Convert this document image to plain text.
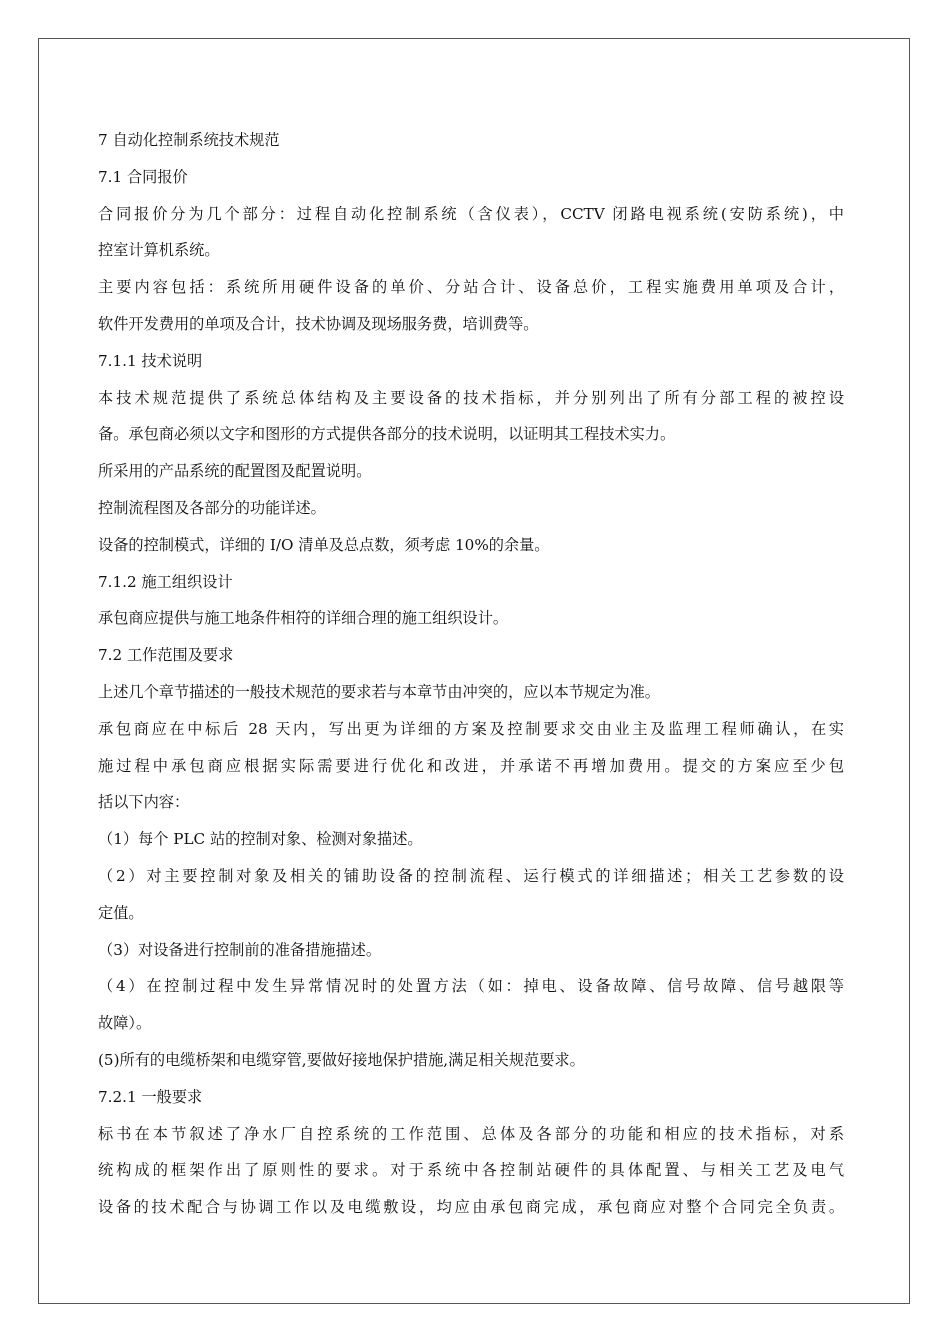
7 自动化控制系统技术规范

7.1 合同报价

合同报价分为几个部分：过程自动化控制系统（含仪表），CCTV 闭路电视系统(安防系统)，中
控室计算机系统。

主要内容包括：系统所用硬件设备的单价、分站合计、设备总价，工程实施费用单项及合计，
软件开发费用的单项及合计，技术协调及现场服务费，培训费等。

7.1.1 技术说明

本技术规范提供了系统总体结构及主要设备的技术指标，并分别列出了所有分部工程的被控设
备。承包商必须以文字和图形的方式提供各部分的技术说明，以证明其工程技术实力。

所采用的产品系统的配置图及配置说明。

控制流程图及各部分的功能详述。

设备的控制模式，详细的 I/O 清单及总点数，须考虑 10%的余量。

7.1.2 施工组织设计

承包商应提供与施工地条件相符的详细合理的施工组织设计。

7.2 工作范围及要求

上述几个章节描述的一般技术规范的要求若与本章节由冲突的，应以本节规定为准。

承包商应在中标后 28 天内，写出更为详细的方案及控制要求交由业主及监理工程师确认，在实
施过程中承包商应根据实际需要进行优化和改进，并承诺不再增加费用。提交的方案应至少包
括以下内容：

（1）每个 PLC 站的控制对象、检测对象描述。

（2）对主要控制对象及相关的铺助设备的控制流程、运行模式的详细描述；相关工艺参数的设
定值。

（3）对设备进行控制前的准备措施描述。

（4）在控制过程中发生异常情况时的处置方法（如：掉电、设备故障、信号故障、信号越限等
故障）。

(5)所有的电缆桥架和电缆穿管,要做好接地保护措施,满足相关规范要求。

7.2.1 一般要求

标书在本节叙述了净水厂自控系统的工作范围、总体及各部分的功能和相应的技术指标，对系
统构成的框架作出了原则性的要求。对于系统中各控制站硬件的具体配置、与相关工艺及电气
设备的技术配合与协调工作以及电缆敷设，均应由承包商完成，承包商应对整个合同完全负责。
